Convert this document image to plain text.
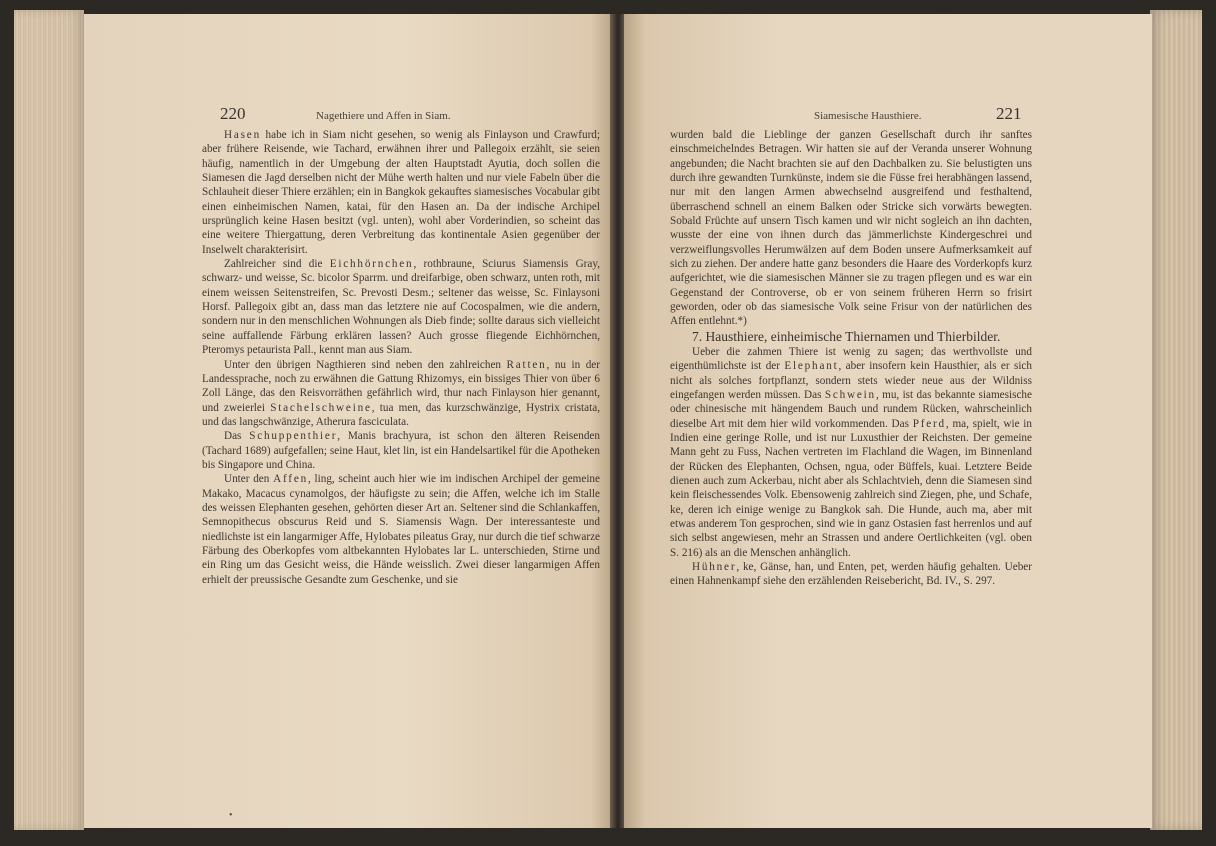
220	Nagethiere und Affen in Siam.

Hasen habe ich in Siam nicht gesehen, so wenig als Finlayson und Crawfurd; aber frühere Reisende, wie Tachard, erwähnen ihrer und Pallegoix erzählt, sie seien häufig, namentlich in der Umgebung der alten Hauptstadt Ayutia, doch sollen die Siamesen die Jagd derselben nicht der Mühe werth halten und nur viele Fabeln über die Schlauheit dieser Thiere erzählen; ein in Bangkok gekauftes siamesisches Vocabular gibt einen einheimischen Namen, katai, für den Hasen an. Da der indische Archipel ursprünglich keine Hasen besitzt (vgl. unten), wohl aber Vorderindien, so scheint das eine weitere Thiergattung, deren Verbreitung das kontinentale Asien gegenüber der Inselwelt charakterisirt.

Zahlreicher sind die Eichhörnchen, rothbraune, Sciurus Siamensis Gray, schwarz- und weisse, Sc. bicolor Sparrm. und dreifarbige, oben schwarz, unten roth, mit einem weissen Seitenstreifen, Sc. Prevosti Desm.; seltener das weisse, Sc. Finlaysoni Horsf. Pallegoix gibt an, dass man das letztere nie auf Cocospalmen, wie die andern, sondern nur in den menschlichen Wohnungen als Dieb finde; sollte daraus sich vielleicht seine auffallende Färbung erklären lassen? Auch grosse fliegende Eichhörnchen, Pteromys petaurista Pall., kennt man aus Siam.

Unter den übrigen Nagthieren sind neben den zahlreichen Ratten, nu in der Landessprache, noch zu erwähnen die Gattung Rhizomys, ein bissiges Thier von über 6 Zoll Länge, das den Reisvorräthen gefährlich wird, thur nach Finlayson hier genannt, und zweierlei Stachelschweine, tua men, das kurzschwänzige, Hystrix cristata, und das langschwänzige, Atherura fasciculata.

Das Schuppenthier, Manis brachyura, ist schon den älteren Reisenden (Tachard 1689) aufgefallen; seine Haut, klet lin, ist ein Handelsartikel für die Apotheken bis Singapore und China.

Unter den Affen, ling, scheint auch hier wie im indischen Archipel der gemeine Makako, Macacus cynamolgos, der häufigste zu sein; die Affen, welche ich im Stalle des weissen Elephanten gesehen, gehörten dieser Art an. Seltener sind die Schlankaffen, Semnopithecus obscurus Reid und S. Siamensis Wagn. Der interessanteste und niedlichste ist ein langarmiger Affe, Hylobates pileatus Gray, nur durch die tief schwarze Färbung des Oberkopfes vom altbekannten Hylobates lar L. unterschieden, Stirne und ein Ring um das Gesicht weiss, die Hände weisslich. Zwei dieser langarmigen Affen erhielt der preussische Gesandte zum Geschenke, und sie

•
Siamesische Hausthiere.	221

wurden bald die Lieblinge der ganzen Gesellschaft durch ihr sanftes einschmeichelndes Betragen. Wir hatten sie auf der Veranda unserer Wohnung angebunden; die Nacht brachten sie auf den Dachbalken zu. Sie belustigten uns durch ihre gewandten Turnkünste, indem sie die Füsse frei herabhängen lassend, nur mit den langen Armen abwechselnd ausgreifend und festhaltend, überraschend schnell an einem Balken oder Stricke sich vorwärts bewegten. Sobald Früchte auf unsern Tisch kamen und wir nicht sogleich an ihn dachten, wusste der eine von ihnen durch das jämmerlichste Kindergeschrei und verzweiflungsvolles Herumwälzen auf dem Boden unsere Aufmerksamkeit auf sich zu ziehen. Der andere hatte ganz besonders die Haare des Vorderkopfs kurz aufgerichtet, wie die siamesischen Männer sie zu tragen pflegen und es war ein Gegenstand der Controverse, ob er von seinem früheren Herrn so frisirt geworden, oder ob das siamesische Volk seine Frisur von der natürlichen des Affen entlehnt.*)

7. Hausthiere, einheimische Thiernamen und Thierbilder.

Ueber die zahmen Thiere ist wenig zu sagen; das werthvollste und eigenthümlichste ist der Elephant, aber insofern kein Hausthier, als er sich nicht als solches fortpflanzt, sondern stets wieder neue aus der Wildniss eingefangen werden müssen. Das Schwein, mu, ist das bekannte siamesische oder chinesische mit hängendem Bauch und rundem Rücken, wahrscheinlich dieselbe Art mit dem hier wild vorkommenden. Das Pferd, ma, spielt, wie in Indien eine geringe Rolle, und ist nur Luxusthier der Reichsten. Der gemeine Mann geht zu Fuss, Nachen vertreten im Flachland die Wagen, im Binnenland der Rücken des Elephanten, Ochsen, ngua, oder Büffels, kuai. Letztere Beide dienen auch zum Ackerbau, nicht aber als Schlachtvieh, denn die Siamesen sind kein fleischessendes Volk. Ebensowenig zahlreich sind Ziegen, phe, und Schafe, ke, deren ich einige wenige zu Bangkok sah. Die Hunde, auch ma, aber mit etwas anderem Ton gesprochen, sind wie in ganz Ostasien fast herrenlos und auf sich selbst angewiesen, mehr an Strassen und andere Oertlichkeiten (vgl. oben S. 216) als an die Menschen anhänglich.

Hühner, ke, Gänse, han, und Enten, pet, werden häufig gehalten. Ueber einen Hahnenkampf siehe den erzählenden Reisebericht, Bd. IV., S. 297.
